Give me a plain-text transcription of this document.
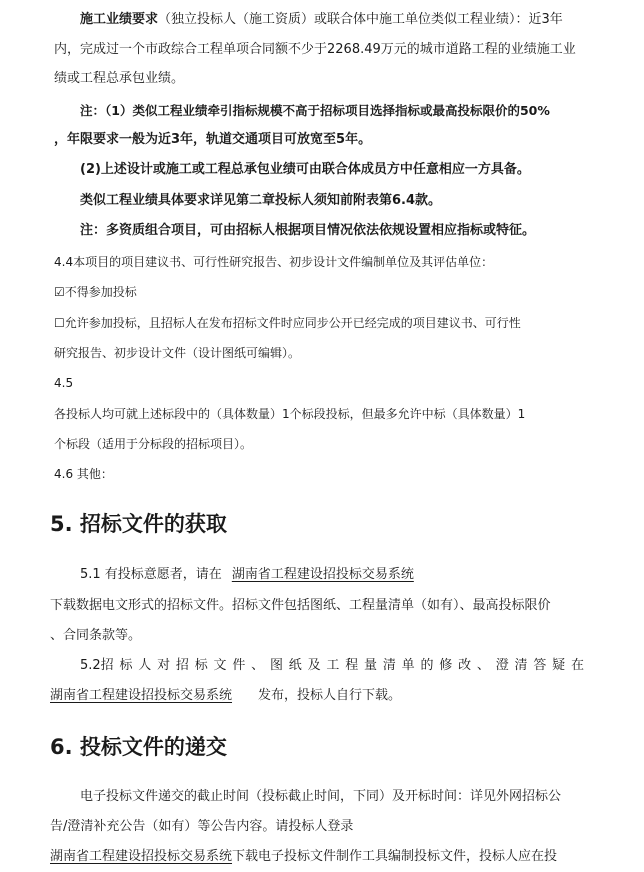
施工业绩要求（独立投标人（施工资质）或联合体中施工单位类似工程业绩）：近3年
内，完成过一个市政综合工程单项合同额不少于2268.49万元的城市道路工程的业绩施工业
绩或工程总承包业绩。
注：（1）类似工程业绩牵引指标规模不高于招标项目选择指标或最高投标限价的50%
，年限要求一般为近3年，轨道交通项目可放宽至5年。
(2)上述设计或施工或工程总承包业绩可由联合体成员方中任意相应一方具备。
类似工程业绩具体要求详见第二章投标人须知前附表第6.4款。
注：多资质组合项目，可由招标人根据项目情况依法依规设置相应指标或特征。
4.4本项目的项目建议书、可行性研究报告、初步设计文件编制单位及其评估单位：
☑不得参加投标
☐允许参加投标，且招标人在发布招标文件时应同步公开已经完成的项目建议书、可行性
研究报告、初步设计文件（设计图纸可编辑）。
4.5
各投标人均可就上述标段中的（具体数量）1个标段投标，但最多允许中标（具体数量）1
个标段（适用于分标段的招标项目）。
4.6 其他：
5. 招标文件的获取
5.1 有投标意愿者，请在 湖南省工程建设招投标交易系统
下载数据电文形式的招标文件。招标文件包括图纸、工程量清单（如有）、最高投标限价
、合同条款等。
5.2招 标 人 对 招 标 文 件 、 图 纸 及 工 程 量 清 单 的 修 改 、 澄 清 答 疑 在
湖南省工程建设招投标交易系统 发布，投标人自行下载。
6. 投标文件的递交
电子投标文件递交的截止时间（投标截止时间，下同）及开标时间：详见外网招标公
告/澄清补充公告（如有）等公告内容。请投标人登录
湖南省工程建设招投标交易系统下载电子投标文件制作工具编制投标文件，投标人应在投
